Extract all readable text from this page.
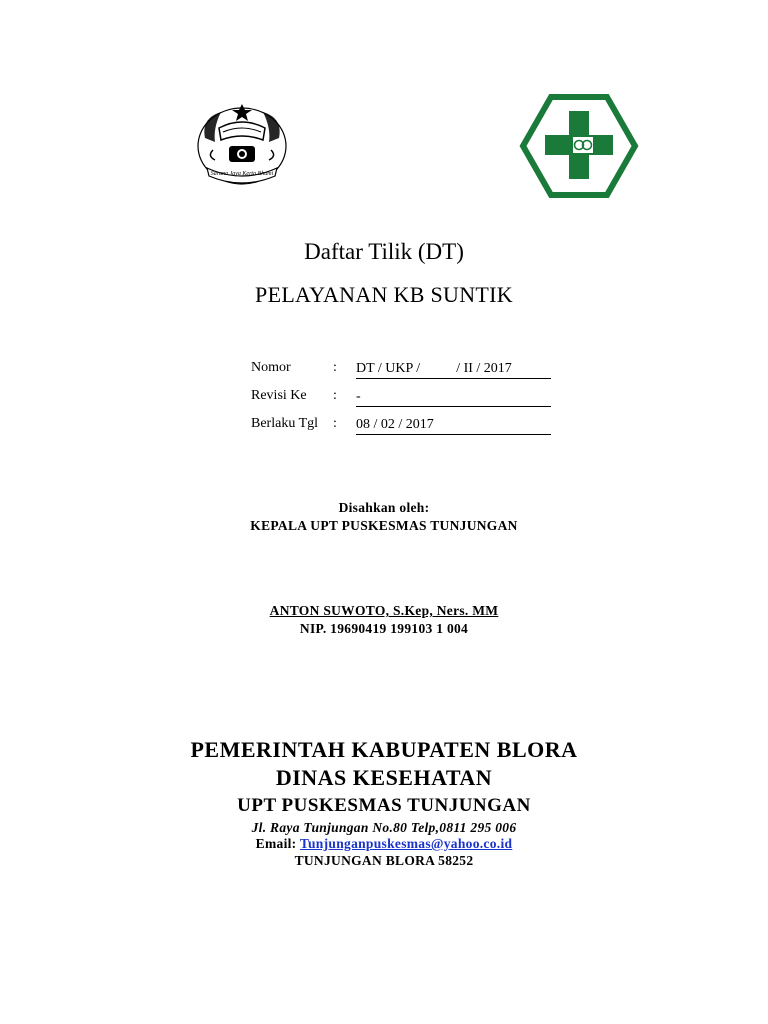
Sarana Jaya Kerta Bhumi
Daftar Tilik (DT)
PELAYANAN KB SUNTIK
Nomor	: DT / UKP /	/ II / 2017
Revisi Ke : -
Berlaku Tgl : 08 / 02 / 2017
Disahkan oleh:
KEPALA UPT PUSKESMAS TUNJUNGAN
ANTON SUWOTO, S.Kep, Ners. MM
NIP. 19690419 199103 1 004
PEMERINTAH KABUPATEN BLORA
DINAS KESEHATAN
UPT PUSKESMAS TUNJUNGAN
Jl. Raya Tunjungan No.80 Telp,0811 295 006
Email: Tunjunganpuskesmas@yahoo.co.id
TUNJUNGAN BLORA 58252
